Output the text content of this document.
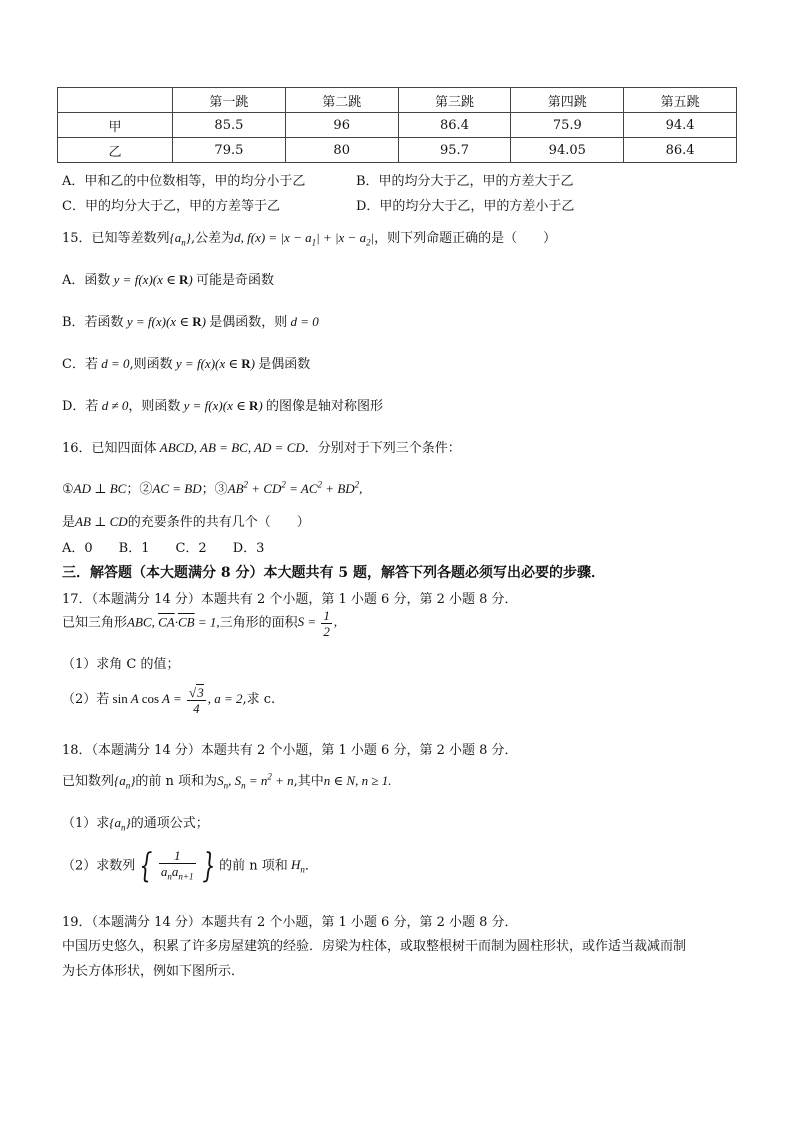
	第一跳	第二跳	第三跳	第四跳	第五跳
甲	85.5	96	86.4	75.9	94.4
乙	79.5	80	95.7	94.05	86.4
A．甲和乙的中位数相等，甲的均分小于乙	B．甲的均分大于乙，甲的方差大于乙
C．甲的均分大于乙，甲的方差等于乙	D．甲的均分大于乙，甲的方差小于乙
15．已知等差数列$\{a_n\}$,公差为d, $f(x) = |x - a_1| + |x - a_2|$，则下列命题正确的是（　　）
A．函数 y = f(x)(x ∈ R) 可能是奇函数
B．若函数 y = f(x)(x ∈ R) 是偶函数，则 d = 0
C．若 d = 0,则函数 y = f(x)(x ∈ R) 是偶函数
D．若 d ≠ 0，则函数 y = f(x)(x ∈ R) 的图像是轴对称图形
16．已知四面体 ABCD, AB = BC, AD = CD．分别对于下列三个条件：
①AD ⊥ BC；②AC = BD；$③AB^2 + CD^2 = AC^2 + BD^2$,
是AB ⊥ CD的充要条件的共有几个（　　）
A．0　　B．1　　C．2　　D．3
三．解答题（本大题满分 8 分）本大题共有 5 题，解答下列各题必须写出必要的步骤．
17．（本题满分 14 分）本题共有 2 个小题，第 1 小题 6 分，第 2 小题 8 分．
已知三角形ABC, $\overline{CA}\cdot\overline{CB} = 1$,三角形的面积$S = \frac{1}{2}$ ,
（1）求角 C 的值；
（2）若 sin A $\cos A = \frac{√3}{4}$ , a = 2,求 c.
18．（本题满分 14 分）本题共有 2 个小题，第 1 小题 6 分，第 2 小题 8 分．
已知数列$\{a_n\}$的前 n 项和为$S_n$, $S_n = n^2 + n$,其中n ∈ N, n ≥ 1.
（1）求$\{a_n\}$的通项公式；
（2）求数列 { $\frac{1}{a_na_{n+1}}$ } 的前 n 项和 $H_n$．
19．（本题满分 14 分）本题共有 2 个小题，第 1 小题 6 分，第 2 小题 8 分．
中国历史悠久，积累了许多房屋建筑的经验．房梁为柱体，或取整根树干而制为圆柱形状，或作适当裁减而制
为长方体形状，例如下图所示．
